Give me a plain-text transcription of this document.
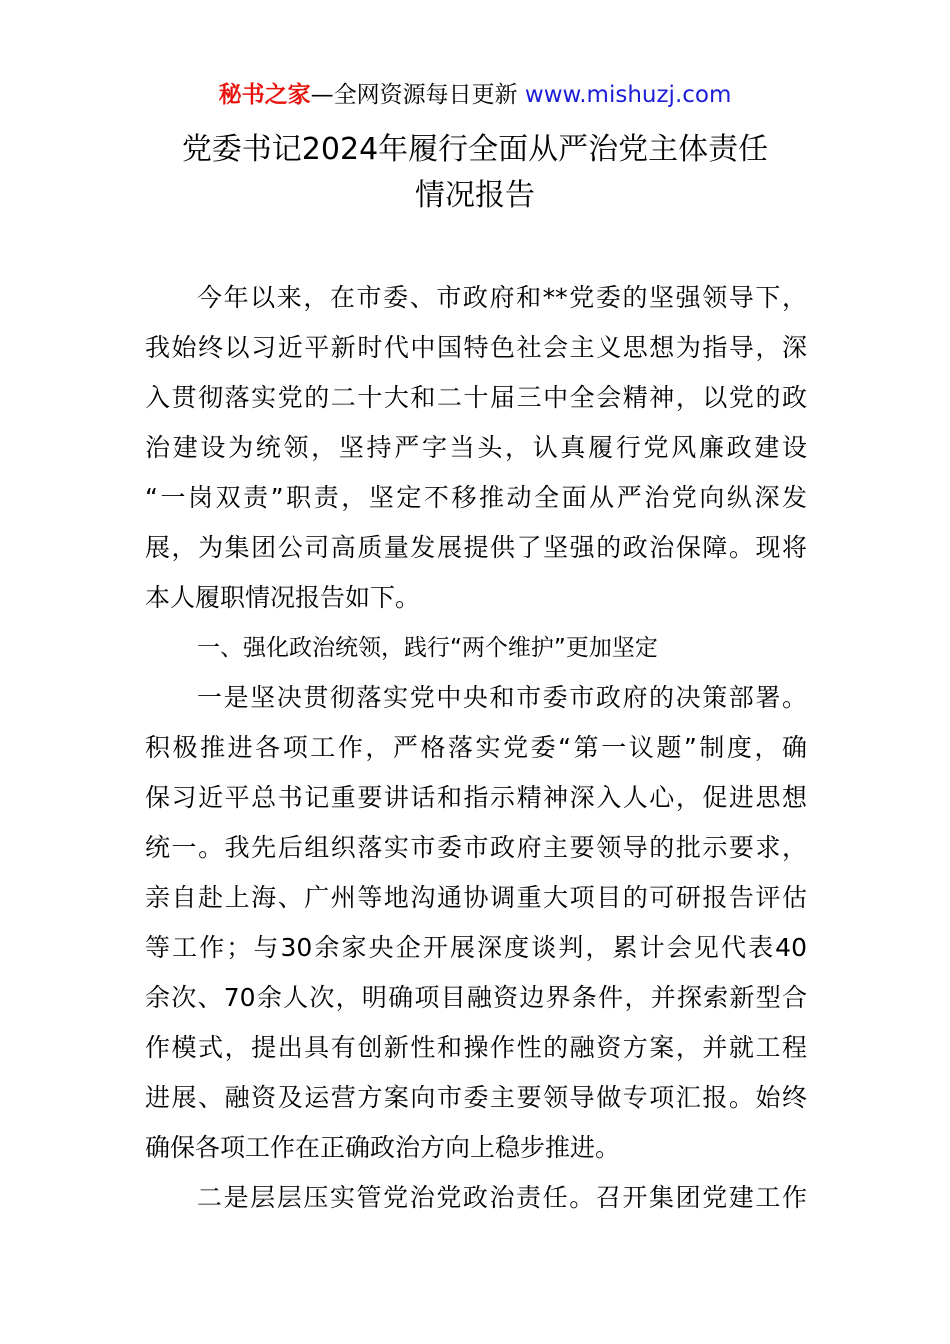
秘书之家—全网资源每日更新 www.mishuzj.com
党委书记2024年履行全面从严治党主体责任
情况报告
今年以来，在市委、市政府和**党委的坚强领导下，
我始终以习近平新时代中国特色社会主义思想为指导，深
入贯彻落实党的二十大和二十届三中全会精神，以党的政
治建设为统领，坚持严字当头，认真履行党风廉政建设
“一岗双责”职责，坚定不移推动全面从严治党向纵深发
展，为集团公司高质量发展提供了坚强的政治保障。现将
本人履职情况报告如下。
一、强化政治统领，践行“两个维护”更加坚定
一是坚决贯彻落实党中央和市委市政府的决策部署。
积极推进各项工作，严格落实党委“第一议题”制度，确
保习近平总书记重要讲话和指示精神深入人心，促进思想
统一。我先后组织落实市委市政府主要领导的批示要求，
亲自赴上海、广州等地沟通协调重大项目的可研报告评估
等工作；与30余家央企开展深度谈判，累计会见代表40
余次、70余人次，明确项目融资边界条件，并探索新型合
作模式，提出具有创新性和操作性的融资方案，并就工程
进展、融资及运营方案向市委主要领导做专项汇报。始终
确保各项工作在正确政治方向上稳步推进。
二是层层压实管党治党政治责任。召开集团党建工作
